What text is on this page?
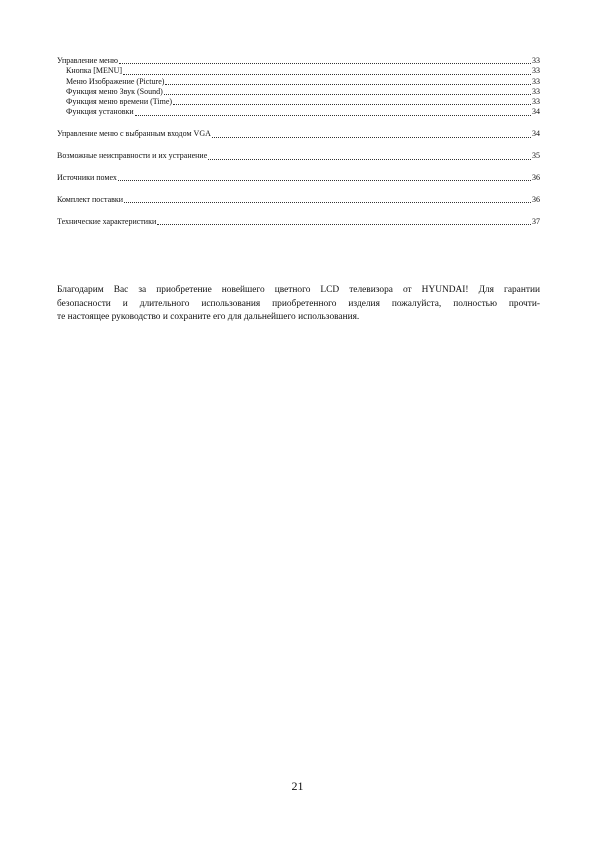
Управление меню	33
Кнопка [MENU]	33
Меню Изображение (Picture)	33
Функция меню Звук (Sound)	33
Функция меню времени (Time)	33
Функция установки	34
Управление меню с выбранным входом VGA	34
Возможные неисправности и их устранение	35
Источники помех	36
Комплект поставки	36
Технические характеристики	37

Благодарим Вас за приобретение новейшего цветного LCD телевизора от HYUNDAI! Для гарантии
безопасности и длительного использования приобретенного изделия пожалуйста, полностью прочти-
те настоящее руководство и сохраните его для дальнейшего использования.

21
